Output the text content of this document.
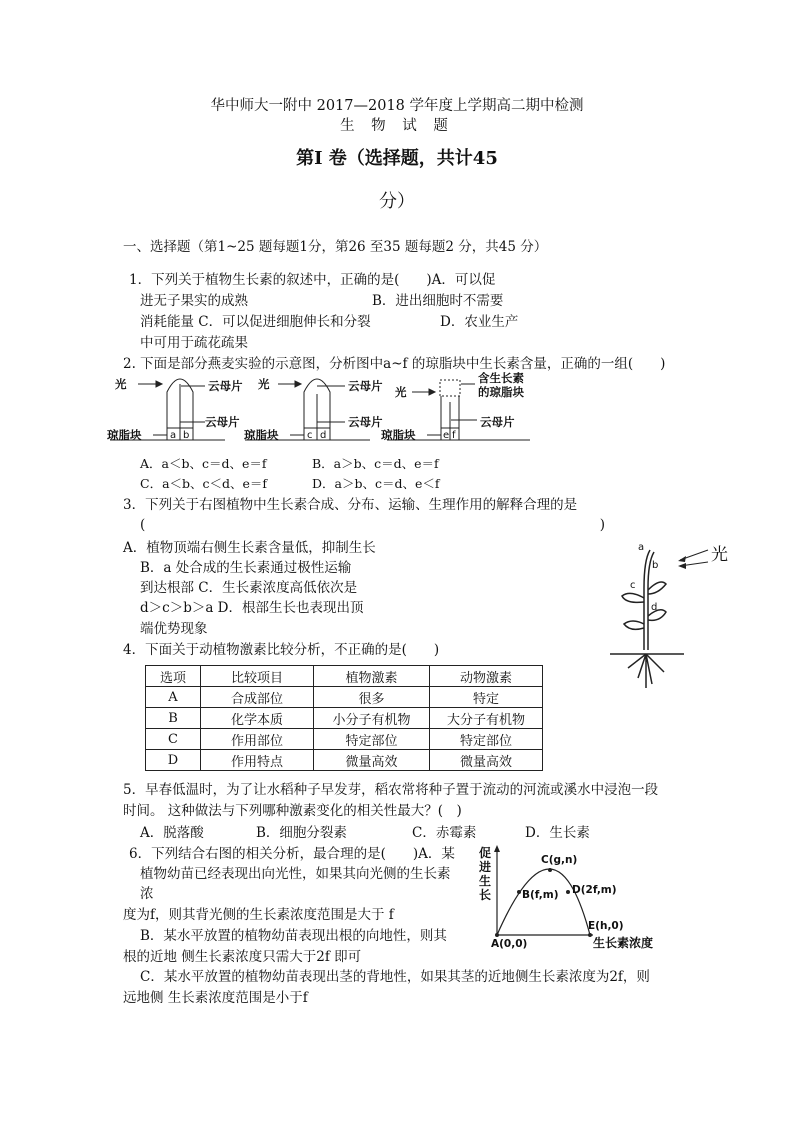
华中师大一附中 2017—2018 学年度上学期高二期中检测
生 物 试 题
第Ⅰ 卷（选择题，共计45
分）
一、选择题（第1~25 题每题1分，第26 至35 题每题2 分，共45 分）
1．下列关于植物生长素的叙述中，正确的是(　　)A．可以促
进无子果实的成熟	B．进出细胞时不需要
消耗能量 C．可以促进细胞伸长和分裂	D．农业生产
中可用于疏花疏果
2. 下面是部分燕麦实验的示意图，分析图中a~f 的琼脂块中生长素含量，正确的一组(　　)
光	光
光
云母片
云母片
云母片
云母片	云母片
含生长素
的琼脂块
琼脂块	琼脂块	琼脂块
a b	c d	e f
A．a＜b、c＝d、e＝f	B．a＞b、c＝d、e＝f
C．a＜b、c＜d、e＝f	D．a＞b、c＝d、e＜f
3．下列关于右图植物中生长素合成、分布、运输、生理作用的解释合理的是
(　　　　　　　　　　　　　　　　　　　　　　　　　　　　　　　　　　　)
A．植物顶端右侧生长素含量低，抑制生长
B．a 处合成的生长素通过极性运输
到达根部 C．生长素浓度高低依次是
d＞c＞b＞a D．根部生长也表现出顶
端优势现象
光
a
b
c
d
4．下面关于动植物激素比较分析，不正确的是(　　)
选项	比较项目	植物激素	动物激素
A	合成部位	很多	特定
B	化学本质	小分子有机物	大分子有机物
C	作用部位	特定部位	特定部位
D	作用特点	微量高效	微量高效
5．早春低温时，为了让水稻种子早发芽，稻农常将种子置于流动的河流或溪水中浸泡一段
时间。 这种做法与下列哪种激素变化的相关性最大？(　)
A．脱落酸	B．细胞分裂素	C．赤霉素	D．生长素
6．下列结合右图的相关分析，最合理的是(　　)A．某
植物幼苗已经表现出向光性，如果其向光侧的生长素
浓
度为f，则其背光侧的生长素浓度范围是大于 f
B．某水平放置的植物幼苗表现出根的向地性，则其
根的近地 侧生长素浓度只需大于2f 即可
C．某水平放置的植物幼苗表现出茎的背地性，如果其茎的近地侧生长素浓度为2f，则
远地侧 生长素浓度范围是小于f
促
进
生
长
生长素浓度
A(0,0)
B(f,m)
C(g,n)
D(2f,m)
E(h,0)
